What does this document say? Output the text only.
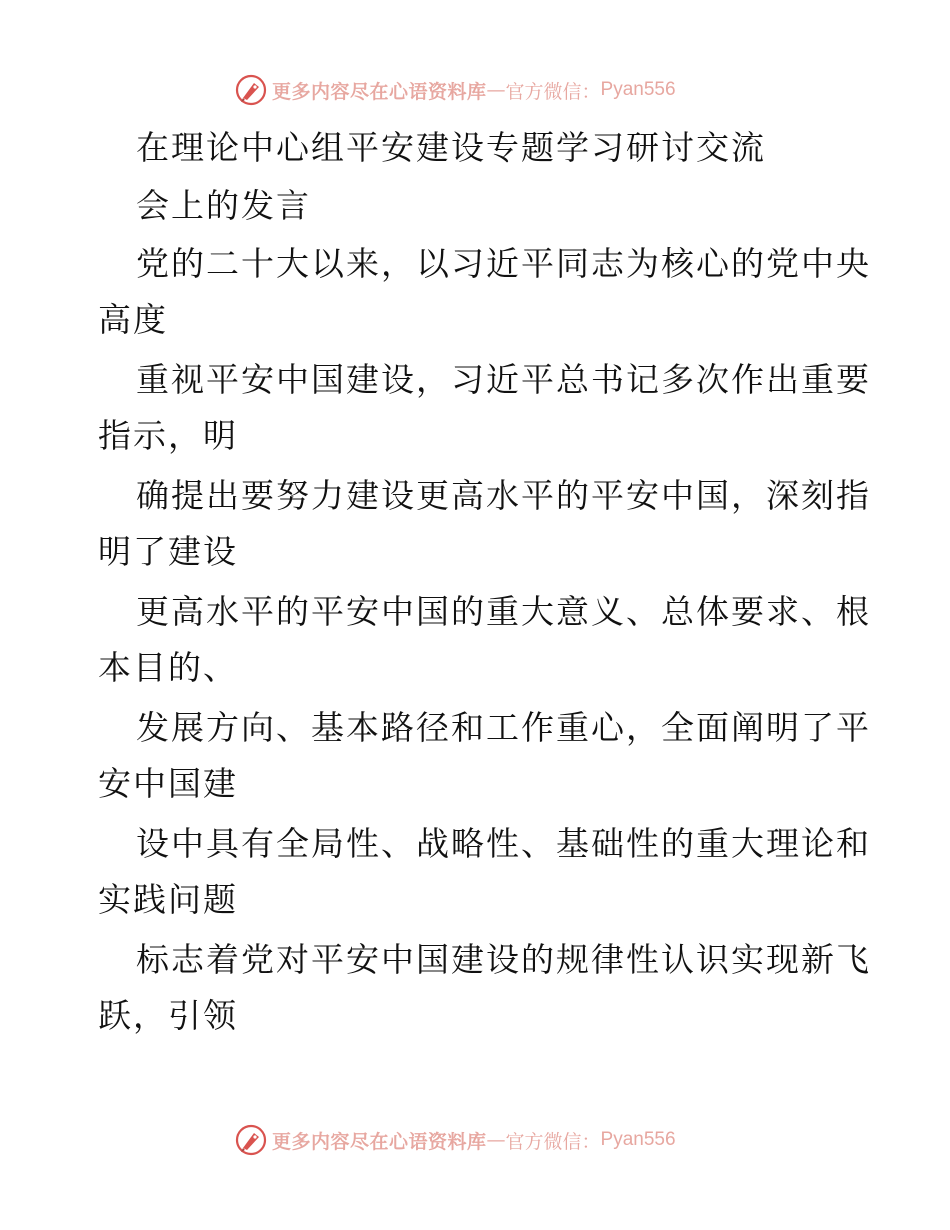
更多内容尽在心语资料库 — 官方微信： Pyan556
在理论中心组平安建设专题学习研讨交流
会上的发言
党的二十大以来，以习近平同志为核心的党中央
高度
重视平安中国建设，习近平总书记多次作出重要
指示，明
确提出要努力建设更高水平的平安中国，深刻指
明了建设
更高水平的平安中国的重大意义、总体要求、根
本目的、
发展方向、基本路径和工作重心，全面阐明了平
安中国建
设中具有全局性、战略性、基础性的重大理论和
实践问题
标志着党对平安中国建设的规律性认识实现新飞
跃，引领
更多内容尽在心语资料库 — 官方微信： Pyan556
